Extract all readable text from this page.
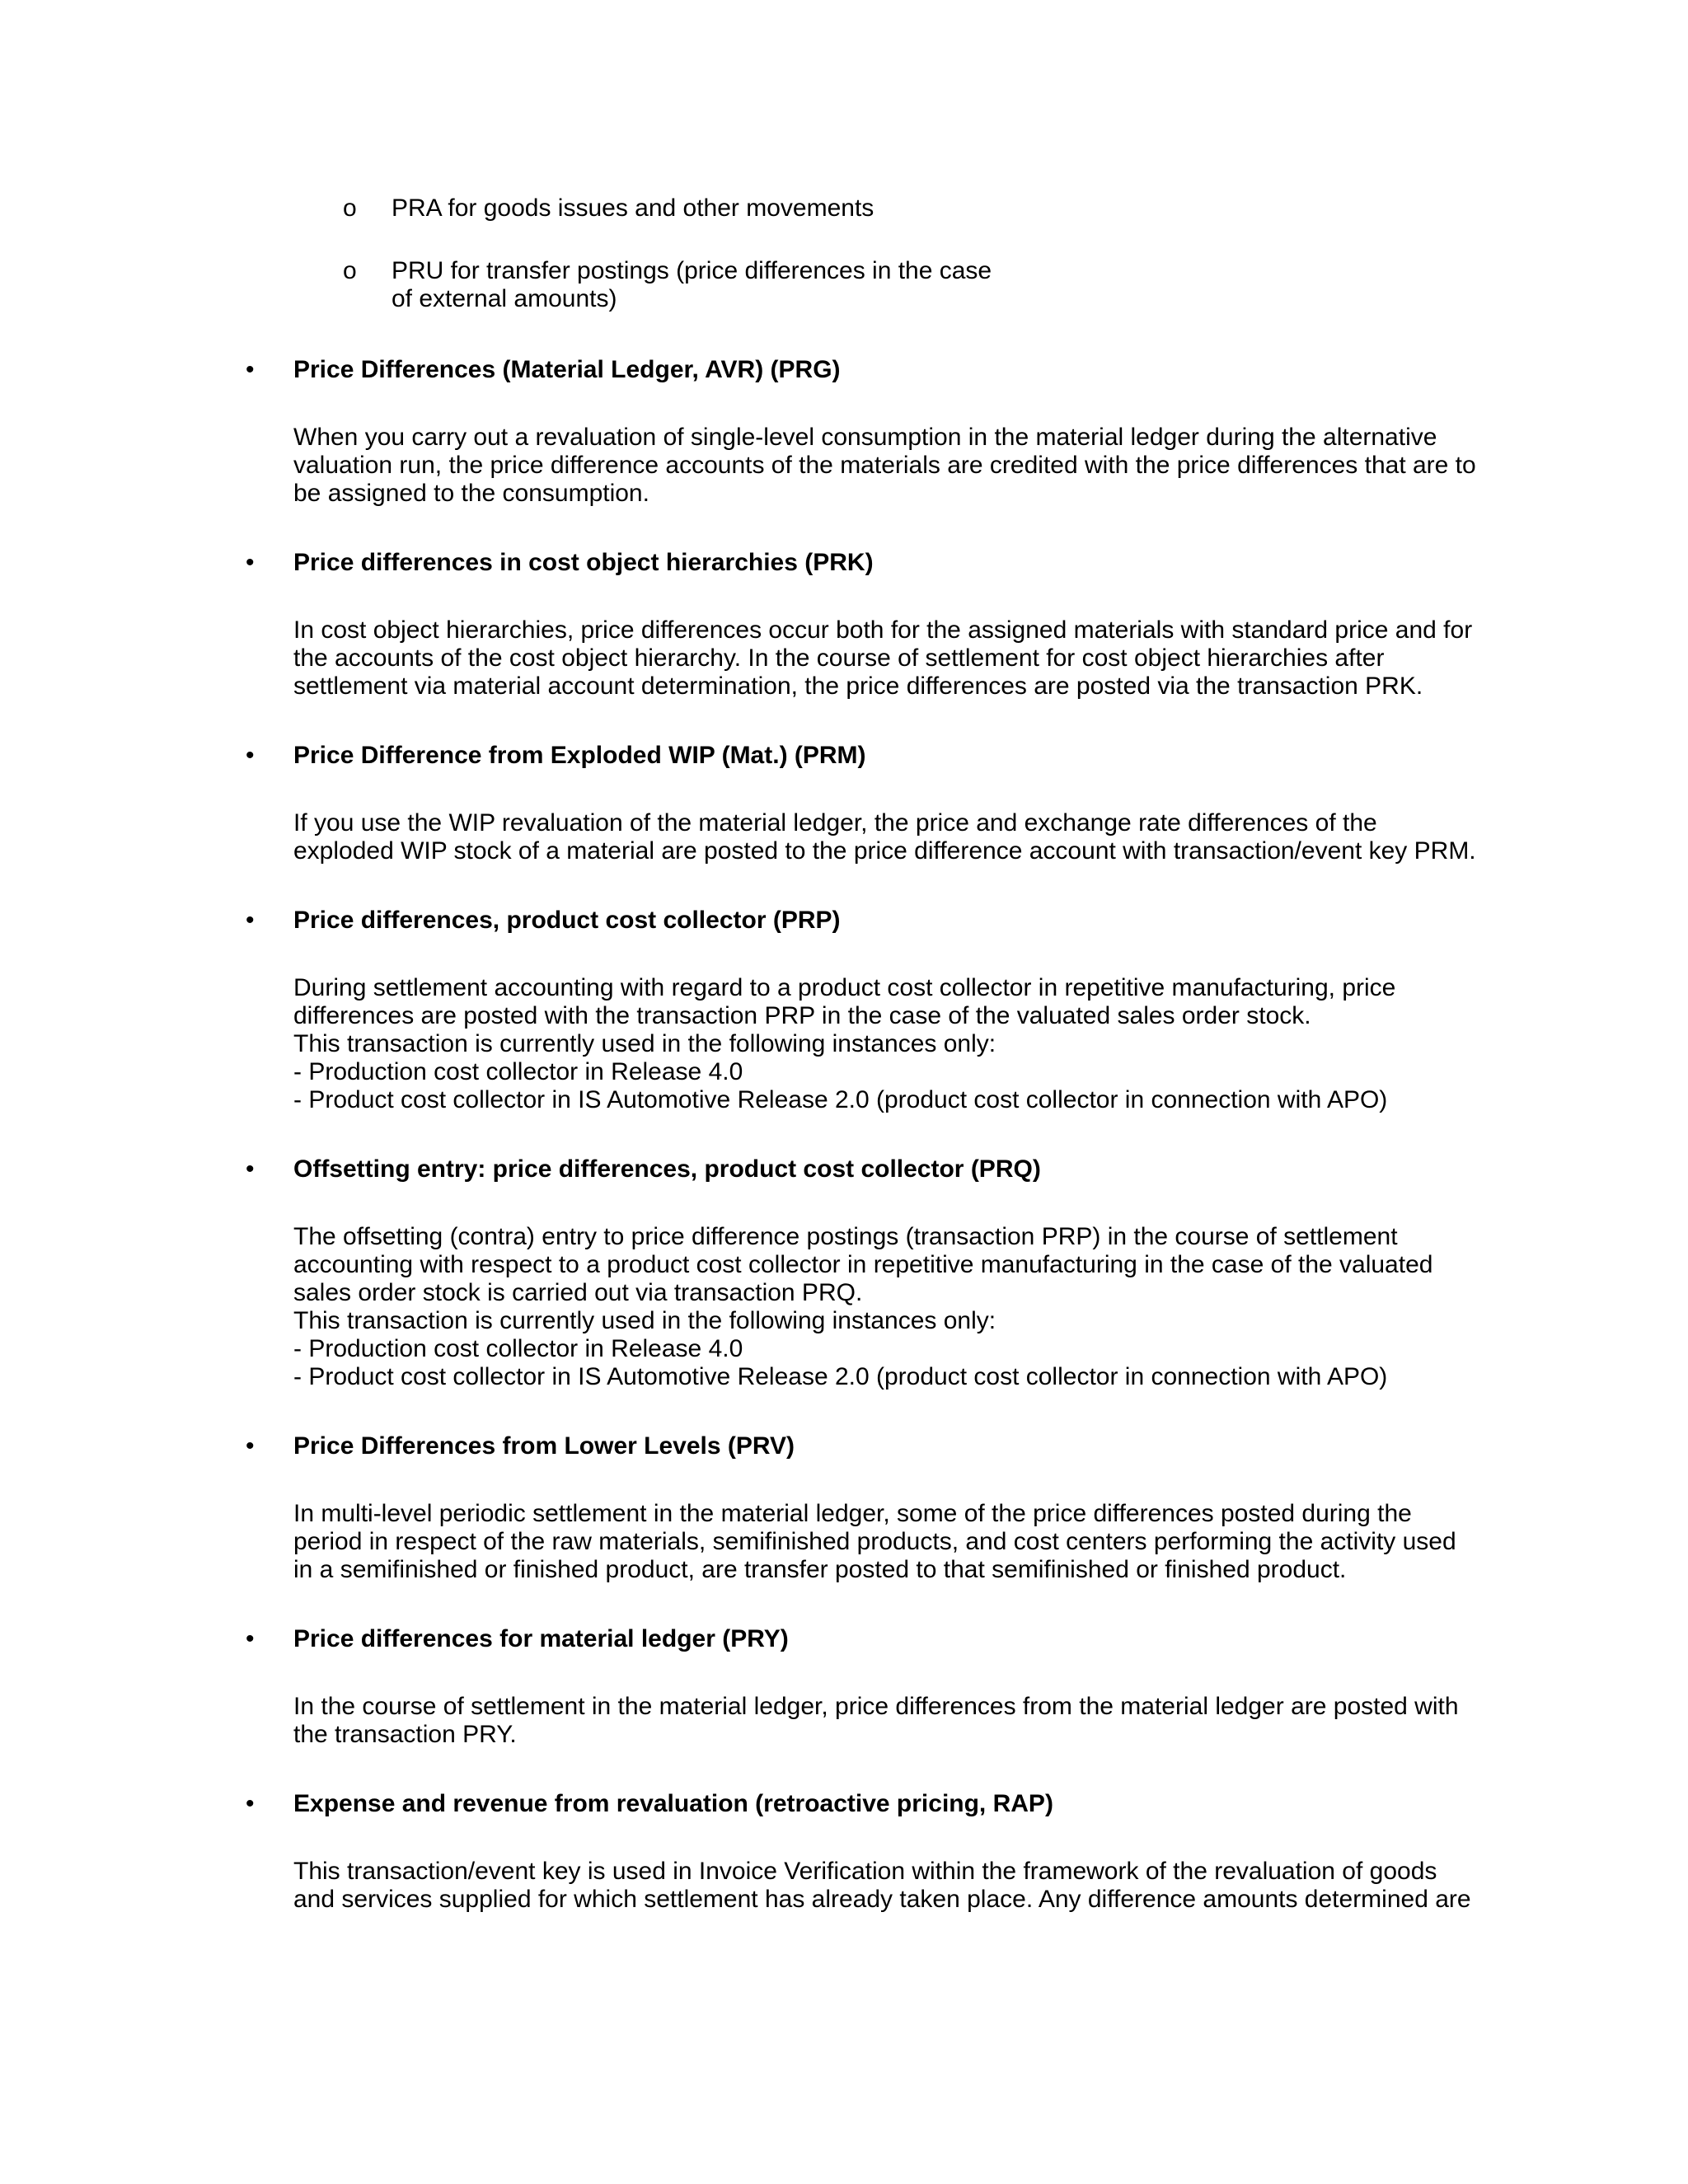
o PRA for goods issues and other movements
o PRU for transfer postings (price differences in the case of external amounts)
• Price Differences (Material Ledger, AVR) (PRG)
When you carry out a revaluation of single-level consumption in the material ledger during the alternative valuation run, the price difference accounts of the materials are credited with the price differences that are to be assigned to the consumption.
• Price differences in cost object hierarchies (PRK)
In cost object hierarchies, price differences occur both for the assigned materials with standard price and for the accounts of the cost object hierarchy. In the course of settlement for cost object hierarchies after settlement via material account determination, the price differences are posted via the transaction PRK.
• Price Difference from Exploded WIP (Mat.) (PRM)
If you use the WIP revaluation of the material ledger, the price and exchange rate differences of the exploded WIP stock of a material are posted to the price difference account with transaction/event key PRM.
• Price differences, product cost collector (PRP)
During settlement accounting with regard to a product cost collector in repetitive manufacturing, price differences are posted with the transaction PRP in the case of the valuated sales order stock.
This transaction is currently used in the following instances only:
- Production cost collector in Release 4.0
- Product cost collector in IS Automotive Release 2.0 (product cost collector in connection with APO)
• Offsetting entry: price differences, product cost collector (PRQ)
The offsetting (contra) entry to price difference postings (transaction PRP) in the course of settlement accounting with respect to a product cost collector in repetitive manufacturing in the case of the valuated sales order stock is carried out via transaction PRQ.
This transaction is currently used in the following instances only:
- Production cost collector in Release 4.0
- Product cost collector in IS Automotive Release 2.0 (product cost collector in connection with APO)
• Price Differences from Lower Levels (PRV)
In multi-level periodic settlement in the material ledger, some of the price differences posted during the period in respect of the raw materials, semifinished products, and cost centers performing the activity used in a semifinished or finished product, are transfer posted to that semifinished or finished product.
• Price differences for material ledger (PRY)
In the course of settlement in the material ledger, price differences from the material ledger are posted with the transaction PRY.
• Expense and revenue from revaluation (retroactive pricing, RAP)
This transaction/event key is used in Invoice Verification within the framework of the revaluation of goods and services supplied for which settlement has already taken place. Any difference amounts determined are
